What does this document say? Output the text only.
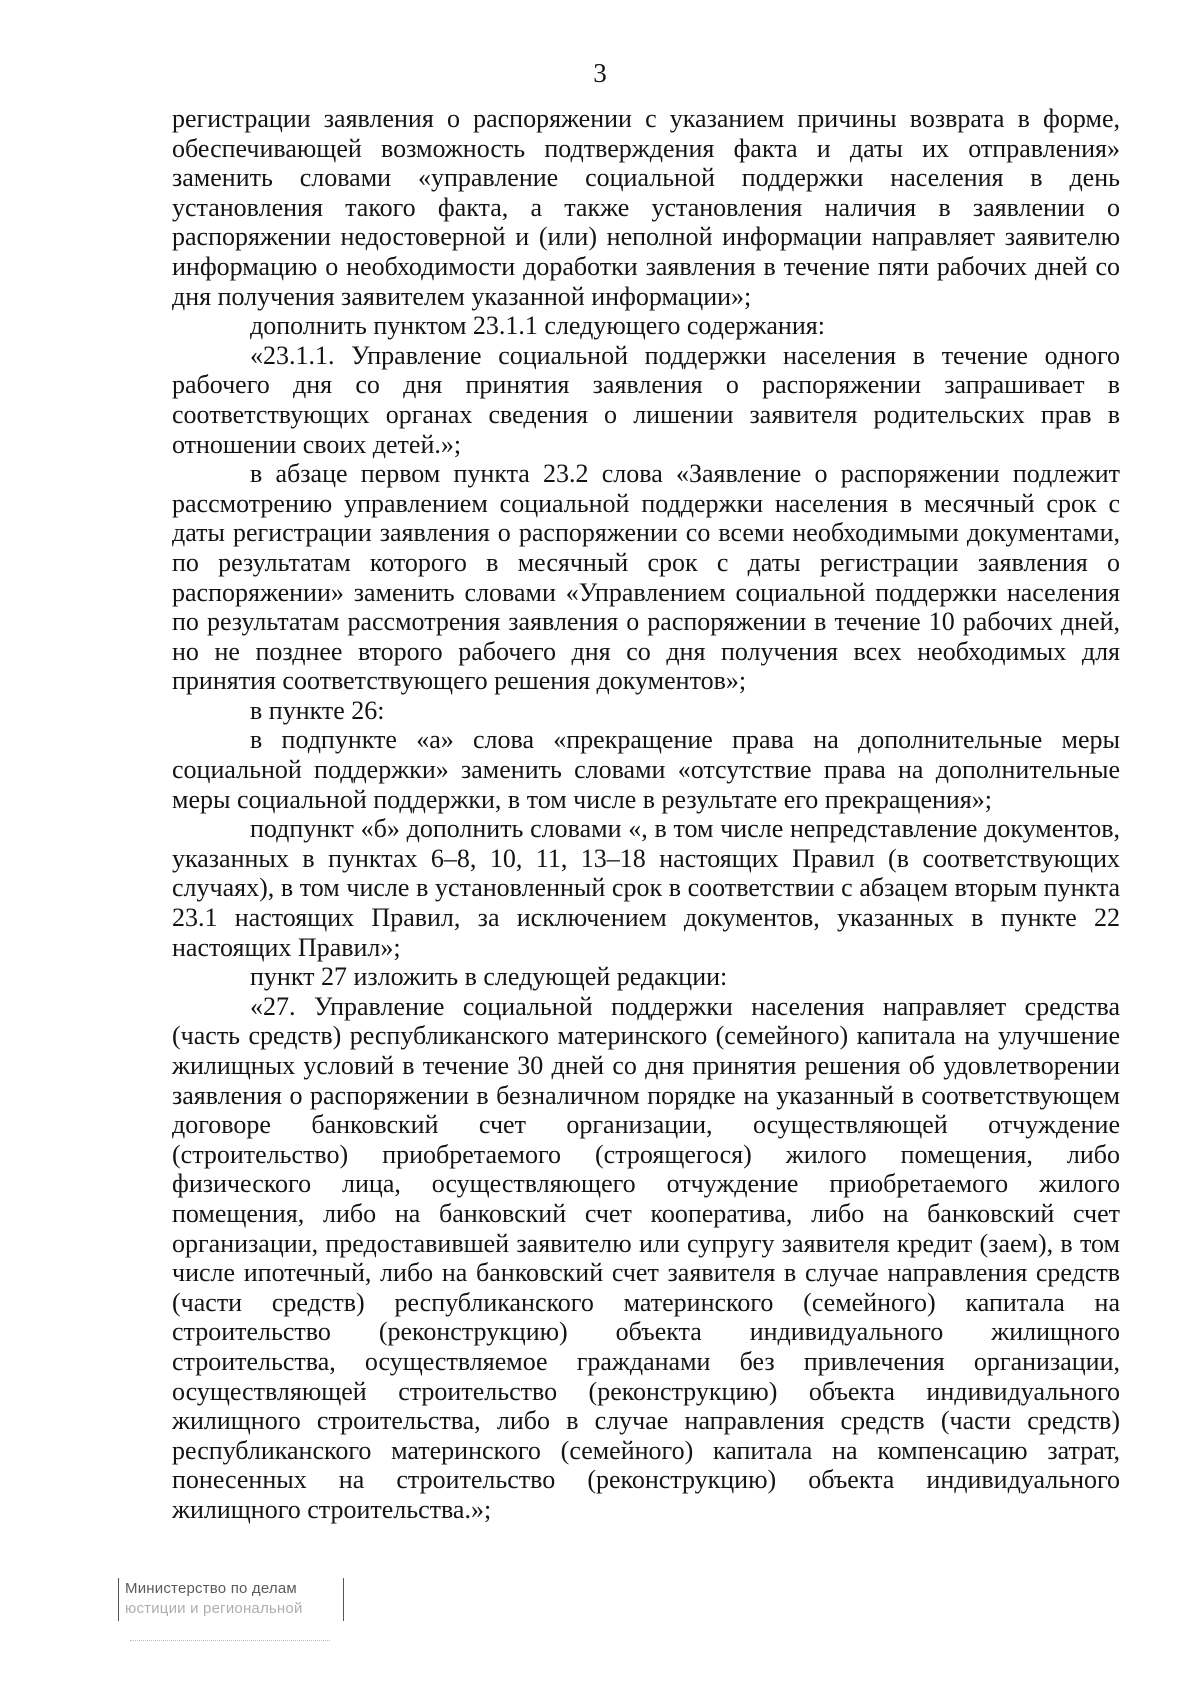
3

регистрации заявления о распоряжении с указанием причины возврата в форме, обеспечивающей возможность подтверждения факта и даты их отправления» заменить словами «управление социальной поддержки населения в день установления такого факта, а также установления наличия в заявлении о распоряжении недостоверной и (или) неполной информации направляет заявителю информацию о необходимости доработки заявления в течение пяти рабочих дней со дня получения заявителем указанной информации»;

дополнить пунктом 23.1.1 следующего содержания:

«23.1.1. Управление социальной поддержки населения в течение одного рабочего дня со дня принятия заявления о распоряжении запрашивает в соответствующих органах сведения о лишении заявителя родительских прав в отношении своих детей.»;

в абзаце первом пункта 23.2 слова «Заявление о распоряжении подлежит рассмотрению управлением социальной поддержки населения в месячный срок с даты регистрации заявления о распоряжении со всеми необходимыми документами, по результатам которого в месячный срок с даты регистрации заявления о распоряжении» заменить словами «Управлением социальной поддержки населения по результатам рассмотрения заявления о распоряжении в течение 10 рабочих дней, но не позднее второго рабочего дня со дня получения всех необходимых для принятия соответствующего решения документов»;

в пункте 26:

в подпункте «а» слова «прекращение права на дополнительные меры социальной поддержки» заменить словами «отсутствие права на дополнительные меры социальной поддержки, в том числе в результате его прекращения»;

подпункт «б» дополнить словами «, в том числе непредставление документов, указанных в пунктах 6–8, 10, 11, 13–18 настоящих Правил (в соответствующих случаях), в том числе в установленный срок в соответствии с абзацем вторым пункта 23.1 настоящих Правил, за исключением документов, указанных в пункте 22 настоящих Правил»;

пункт 27 изложить в следующей редакции:

«27. Управление социальной поддержки населения направляет средства (часть средств) республиканского материнского (семейного) капитала на улучшение жилищных условий в течение 30 дней со дня принятия решения об удовлетворении заявления о распоряжении в безналичном порядке на указанный в соответствующем договоре банковский счет организации, осуществляющей отчуждение (строительство) приобретаемого (строящегося) жилого помещения, либо физического лица, осуществляющего отчуждение приобретаемого жилого помещения, либо на банковский счет кооператива, либо на банковский счет организации, предоставившей заявителю или супругу заявителя кредит (заем), в том числе ипотечный, либо на банковский счет заявителя в случае направления средств (части средств) республиканского материнского (семейного) капитала на строительство (реконструкцию) объекта индивидуального жилищного строительства, осуществляемое гражданами без привлечения организации, осуществляющей строительство (реконструкцию) объекта индивидуального жилищного строительства, либо в случае направления средств (части средств) республиканского материнского (семейного) капитала на компенсацию затрат, понесенных на строительство (реконструкцию) объекта индивидуального жилищного строительства.»;

Министерство по делам
юстиции и региональной
